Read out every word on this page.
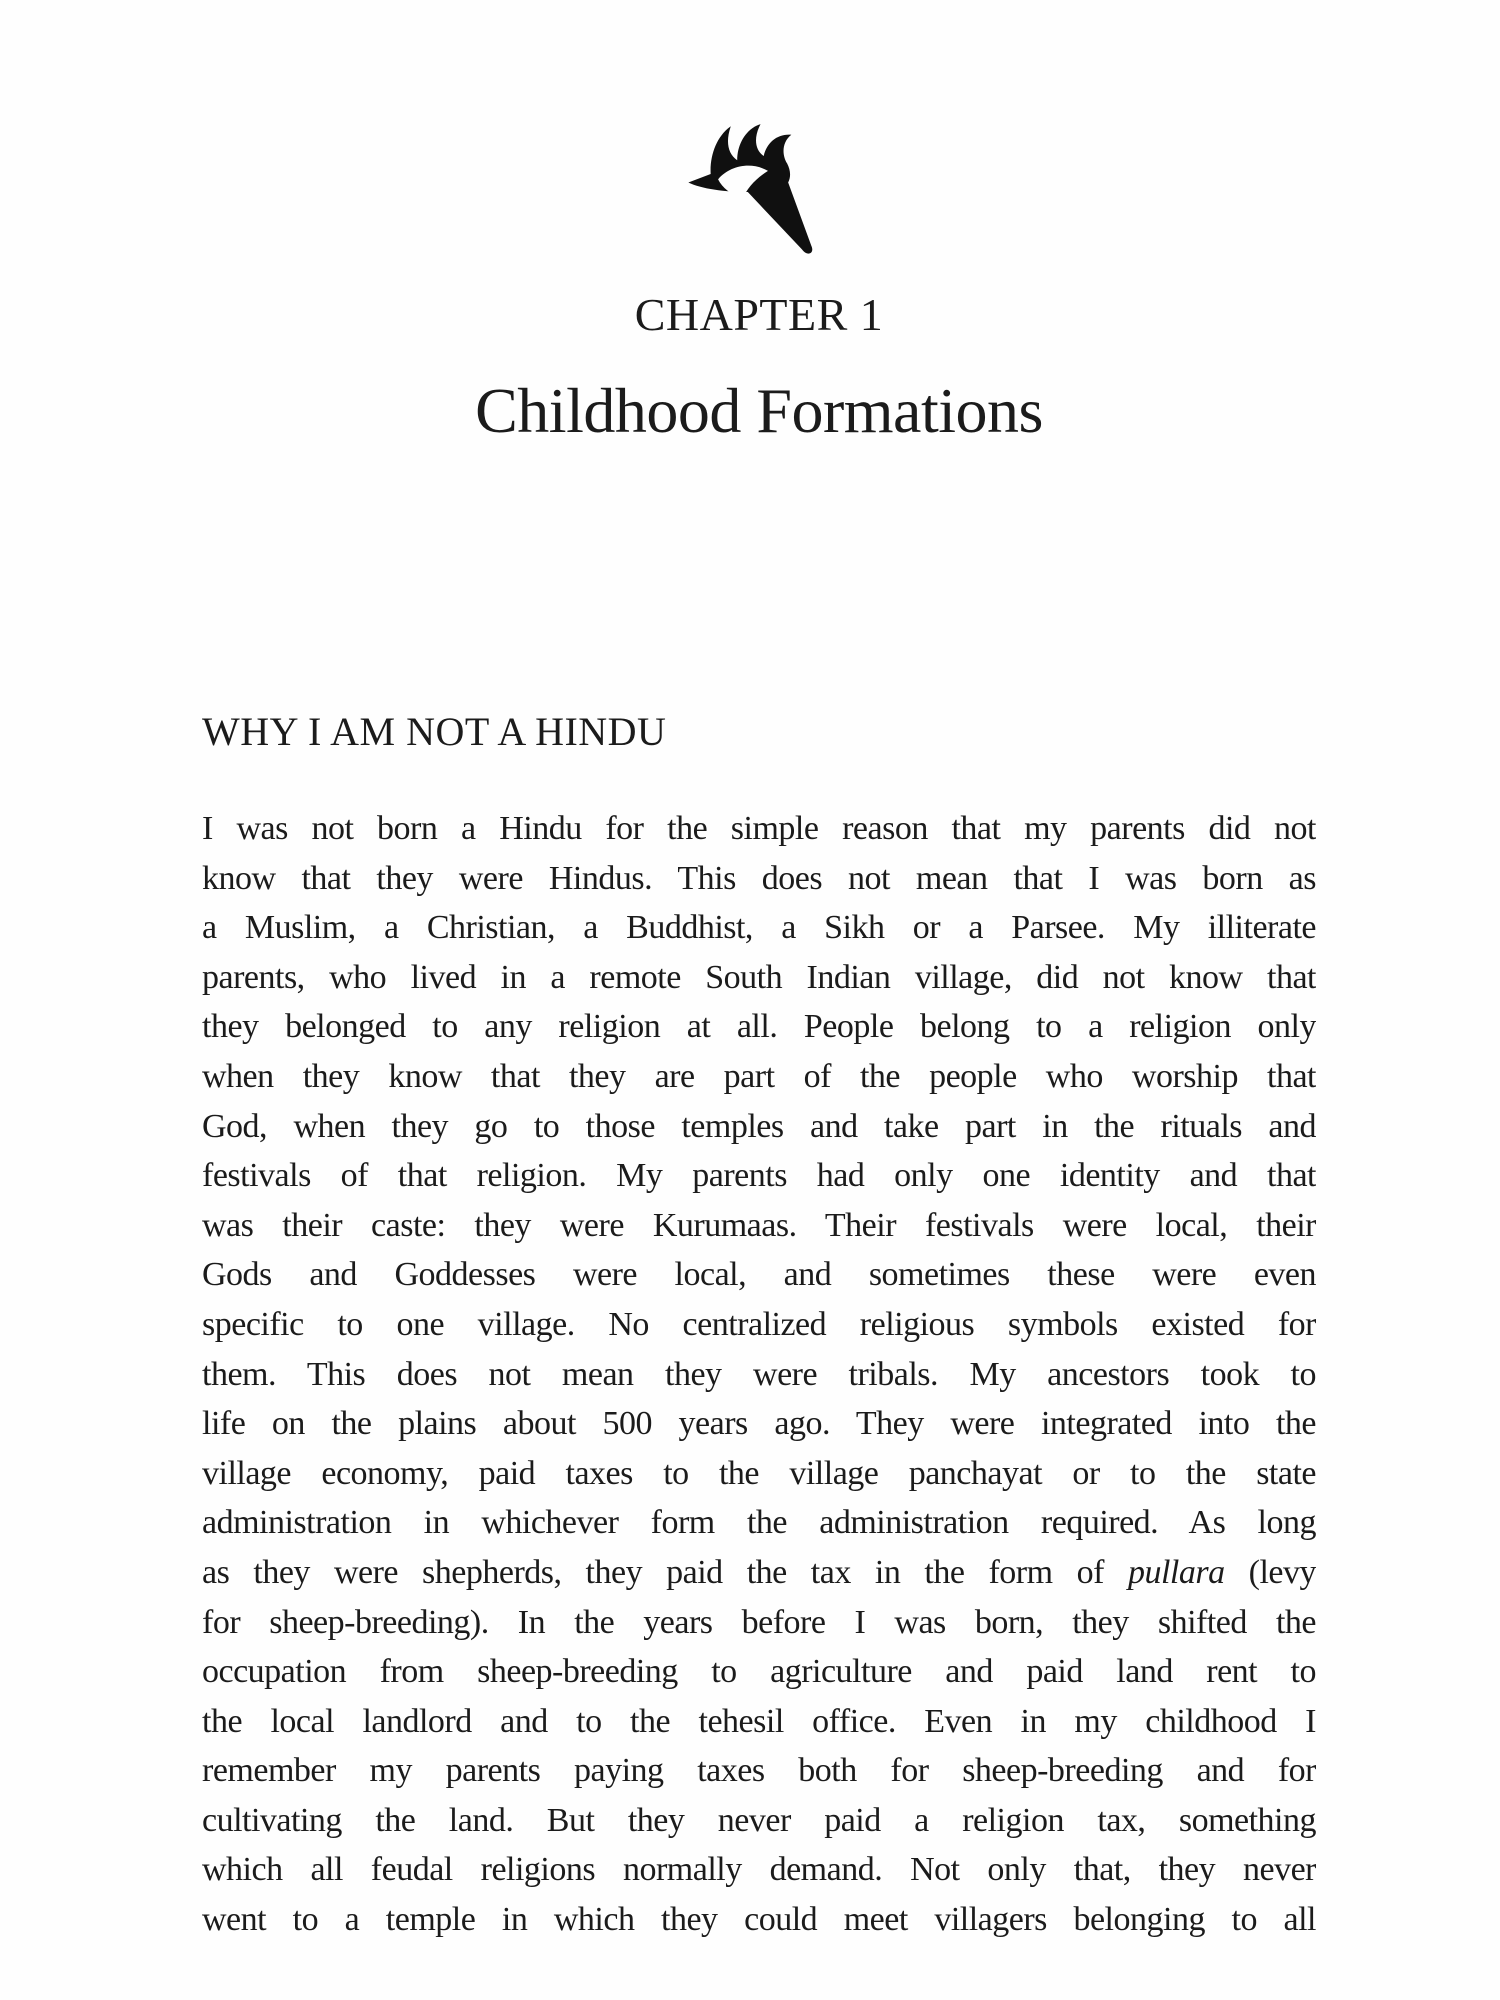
CHAPTER 1
Childhood Formations
WHY I AM NOT A HINDU
I was not born a Hindu for the simple reason that my parents did not
know that they were Hindus. This does not mean that I was born as
a Muslim, a Christian, a Buddhist, a Sikh or a Parsee. My illiterate
parents, who lived in a remote South Indian village, did not know that
they belonged to any religion at all. People belong to a religion only
when they know that they are part of the people who worship that
God, when they go to those temples and take part in the rituals and
festivals of that religion. My parents had only one identity and that
was their caste: they were Kurumaas. Their festivals were local, their
Gods and Goddesses were local, and sometimes these were even
specific to one village. No centralized religious symbols existed for
them. This does not mean they were tribals. My ancestors took to
life on the plains about 500 years ago. They were integrated into the
village economy, paid taxes to the village panchayat or to the state
administration in whichever form the administration required. As long
as they were shepherds, they paid the tax in the form of pullara (levy
for sheep-breeding). In the years before I was born, they shifted the
occupation from sheep-breeding to agriculture and paid land rent to
the local landlord and to the tehesil office. Even in my childhood I
remember my parents paying taxes both for sheep-breeding and for
cultivating the land. But they never paid a religion tax, something
which all feudal religions normally demand. Not only that, they never
went to a temple in which they could meet villagers belonging to all
